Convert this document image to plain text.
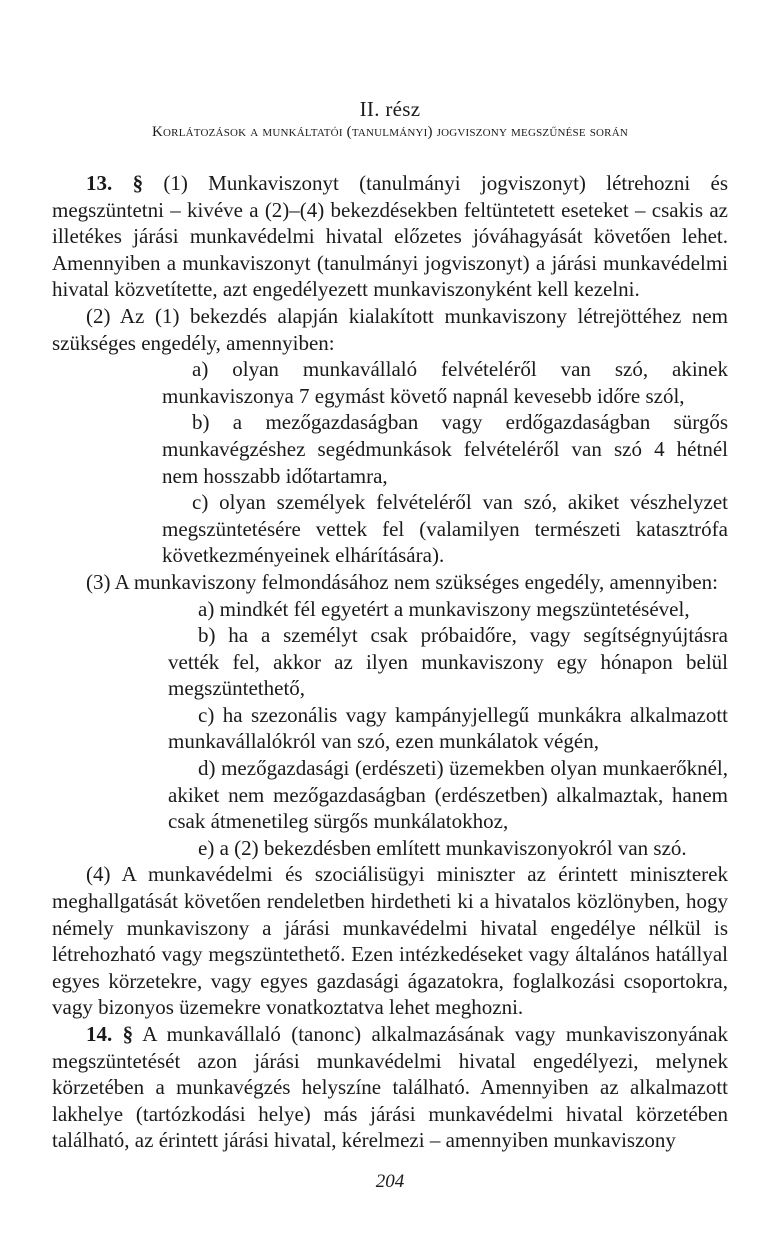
II. rész
Korlátozások a munkáltatói (tanulmányi) jogviszony megszűnése során

13. § (1) Munkaviszonyt (tanulmányi jogviszonyt) létrehozni és megszüntetni – kivéve a (2)–(4) bekezdésekben feltüntetett eseteket – csakis az illetékes járási munkavédelmi hivatal előzetes jóváhagyását követően lehet. Amennyiben a munkaviszonyt (tanulmányi jogviszonyt) a járási munkavédelmi hivatal közvetítette, azt engedélyezett munkaviszonyként kell kezelni.

(2) Az (1) bekezdés alapján kialakított munkaviszony létrejöttéhez nem szükséges engedély, amennyiben:

a) olyan munkavállaló felvételéről van szó, akinek munkaviszonya 7 egymást követő napnál kevesebb időre szól,

b) a mezőgazdaságban vagy erdőgazdaságban sürgős munkavégzéshez segédmunkások felvételéről van szó 4 hétnél nem hosszabb időtartamra,

c) olyan személyek felvételéről van szó, akiket vészhelyzet megszüntetésére vettek fel (valamilyen természeti katasztrófa következményeinek elhárítására).

(3) A munkaviszony felmondásához nem szükséges engedély, amennyiben:

a) mindkét fél egyetért a munkaviszony megszüntetésével,

b) ha a személyt csak próbaidőre, vagy segítségnyújtásra vették fel, akkor az ilyen munkaviszony egy hónapon belül megszüntethető,

c) ha szezonális vagy kampányjellegű munkákra alkalmazott munkavállalókról van szó, ezen munkálatok végén,

d) mezőgazdasági (erdészeti) üzemekben olyan munkaerőknél, akiket nem mezőgazdaságban (erdészetben) alkalmaztak, hanem csak átmenetileg sürgős munkálatokhoz,

e) a (2) bekezdésben említett munkaviszonyokról van szó.

(4) A munkavédelmi és szociálisügyi miniszter az érintett miniszterek meghallgatását követően rendeletben hirdetheti ki a hivatalos közlönyben, hogy némely munkaviszony a járási munkavédelmi hivatal engedélye nélkül is létrehozható vagy megszüntethető. Ezen intézkedéseket vagy általános hatállyal egyes körzetekre, vagy egyes gazdasági ágazatokra, foglalkozási csoportokra, vagy bizonyos üzemekre vonatkoztatva lehet meghozni.

14. § A munkavállaló (tanonc) alkalmazásának vagy munkaviszonyának megszüntetését azon járási munkavédelmi hivatal engedélyezi, melynek körzetében a munkavégzés helyszíne található. Amennyiben az alkalmazott lakhelye (tartózkodási helye) más járási munkavédelmi hivatal körzetében található, az érintett járási hivatal, kérelmezi – amennyiben munkaviszony

204
